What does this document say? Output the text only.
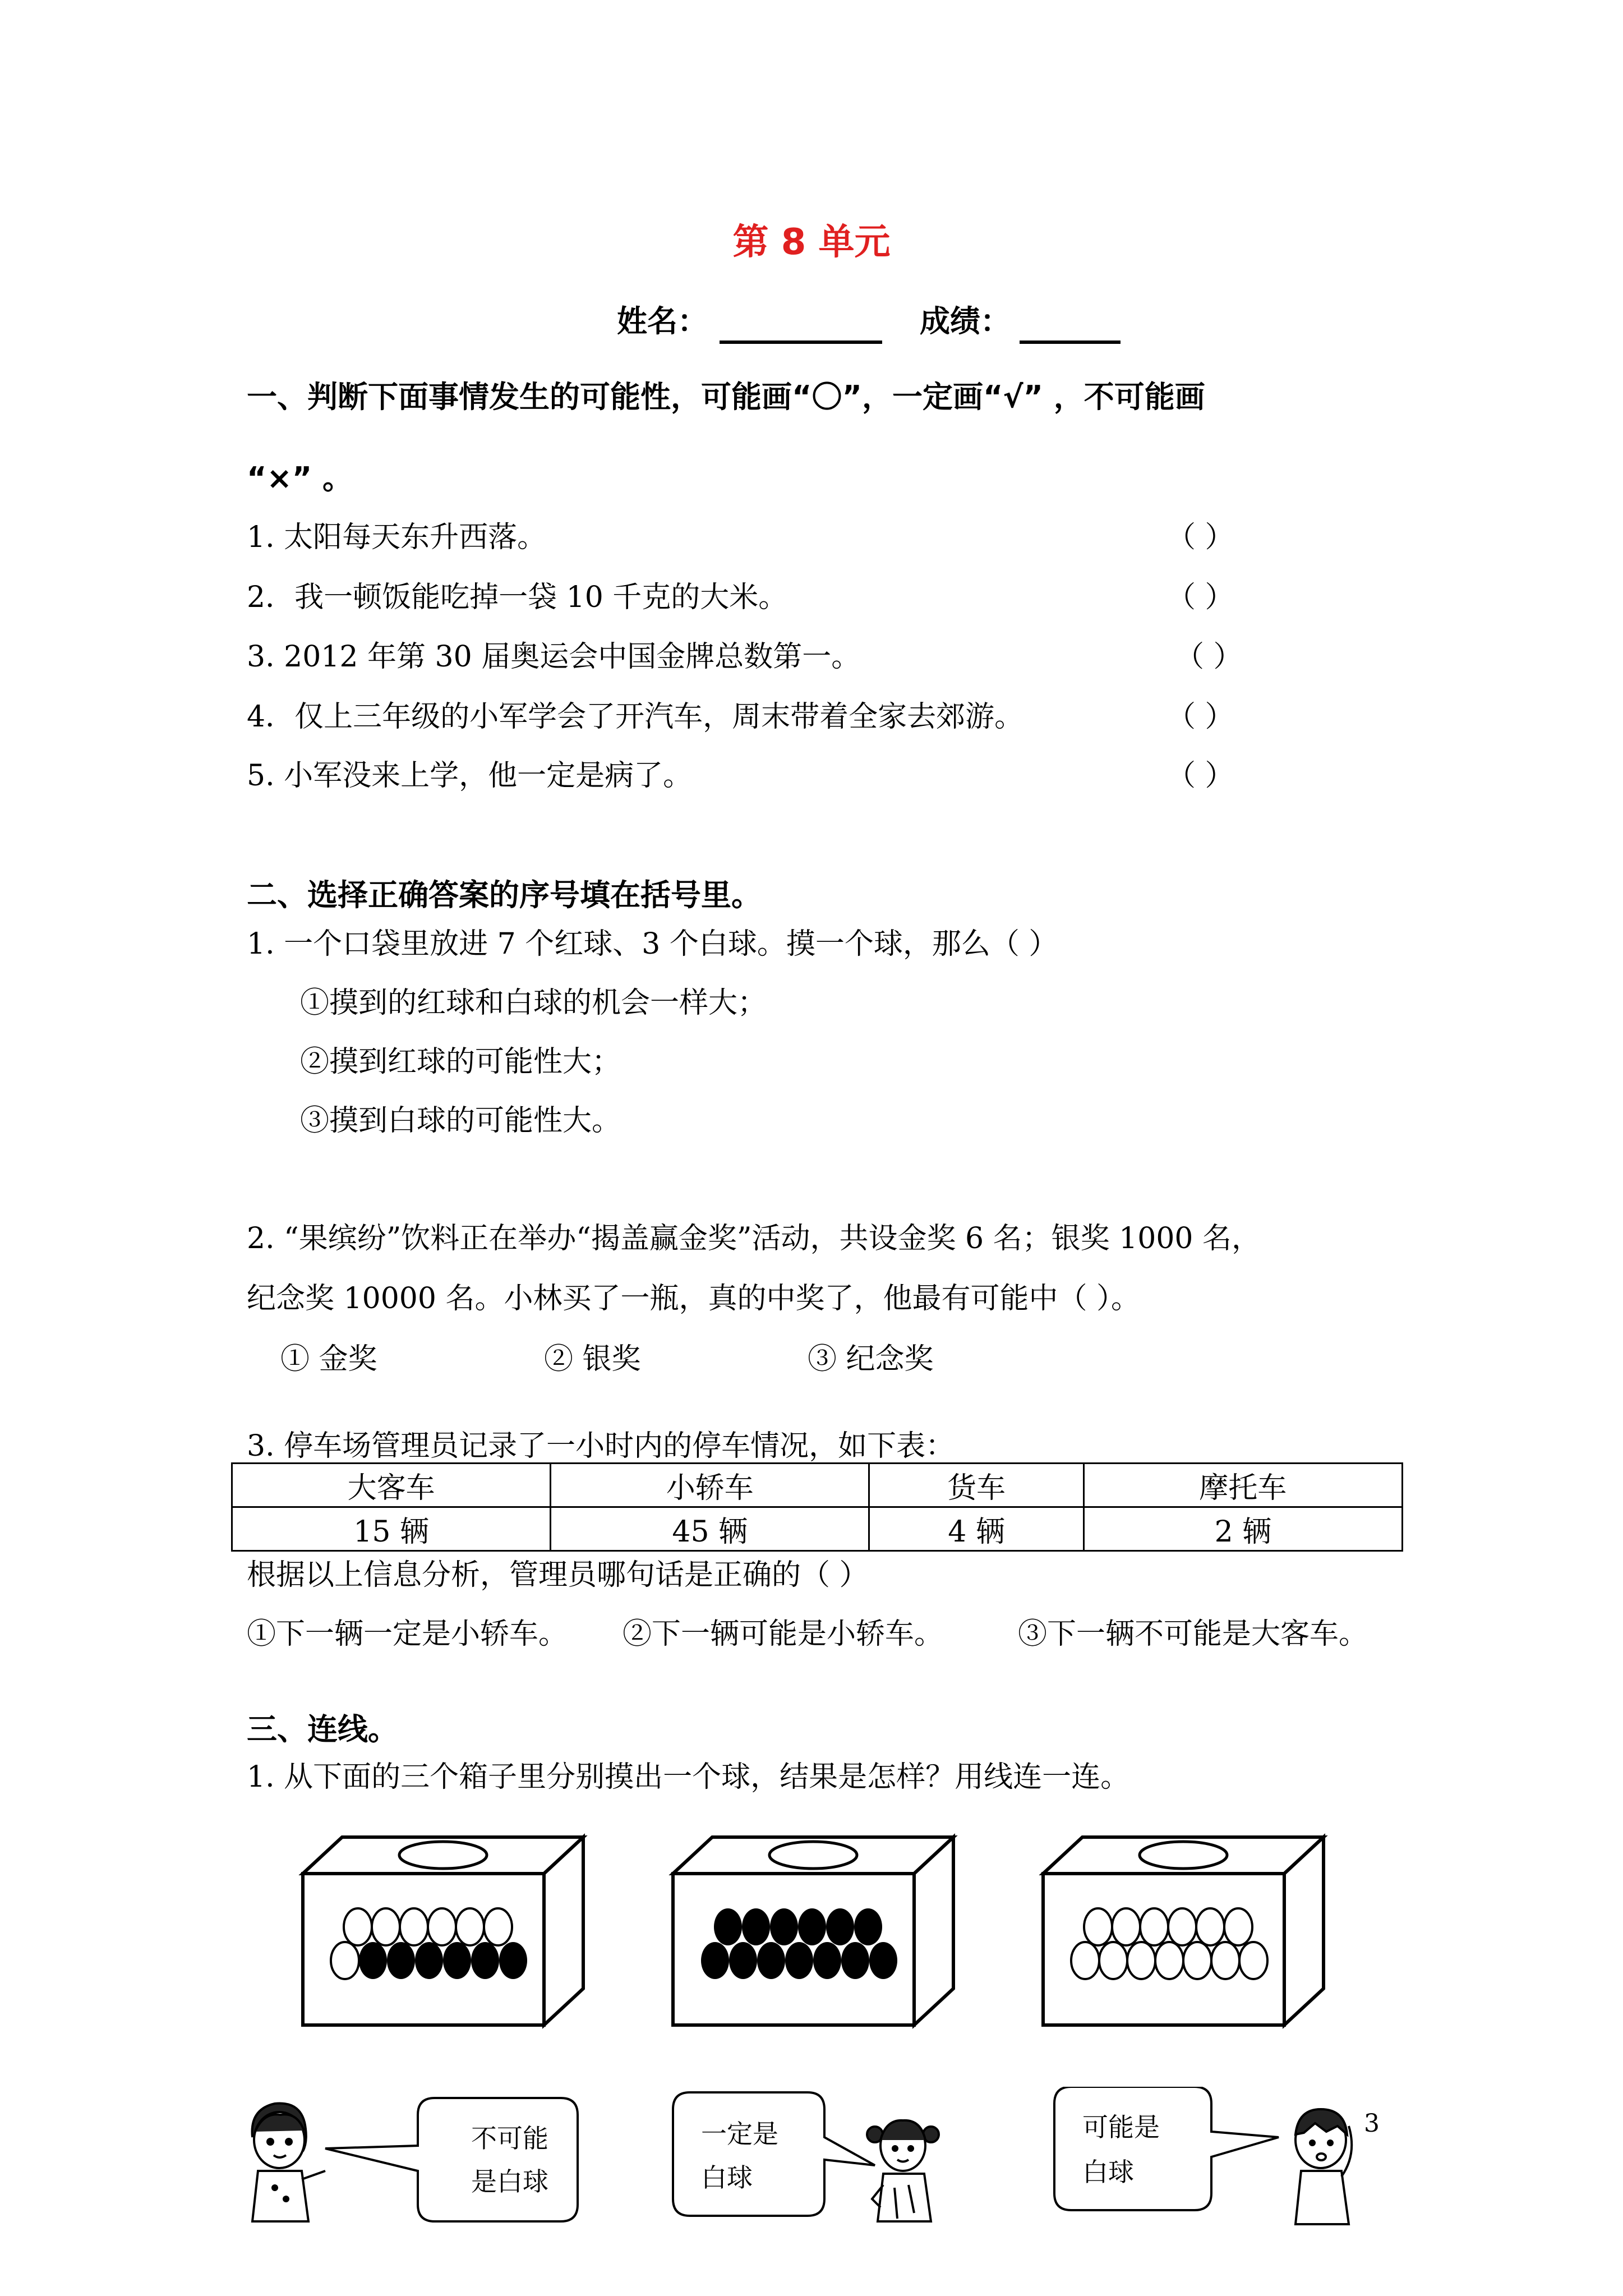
第 8 单元
姓名：	成绩：
一、判断下面事情发生的可能性，可能画“〇”，一定画“√” ，不可能画
“×” 。
1. 太阳每天东升西落。	（ ）
2．我一顿饭能吃掉一袋 10 千克的大米。	（ ）
3. 2012 年第 30 届奥运会中国金牌总数第一。	（ ）
4．仅上三年级的小军学会了开汽车，周末带着全家去郊游。	（ ）
5. 小军没来上学，他一定是病了。	（ ）
二、选择正确答案的序号填在括号里。
1. 一个口袋里放进 7 个红球、3 个白球。摸一个球，那么（ ）
①摸到的红球和白球的机会一样大；
②摸到红球的可能性大；
③摸到白球的可能性大。
2. “果缤纷”饮料正在举办“揭盖赢金奖”活动，共设金奖 6 名；银奖 1000 名，
纪念奖 10000 名。小林买了一瓶，真的中奖了，他最有可能中（ ）。
① 金奖	② 银奖	③ 纪念奖
3. 停车场管理员记录了一小时内的停车情况，如下表：
大客车	小轿车	货车	摩托车
15 辆	45 辆	4 辆	2 辆
根据以上信息分析，管理员哪句话是正确的（ ）
①下一辆一定是小轿车。 ②下一辆可能是小轿车。	③下一辆不可能是大客车。
三、连线。
1. 从下面的三个箱子里分别摸出一个球，结果是怎样？用线连一连。
不可能
是白球
一定是
白球
可能是
白球
3
